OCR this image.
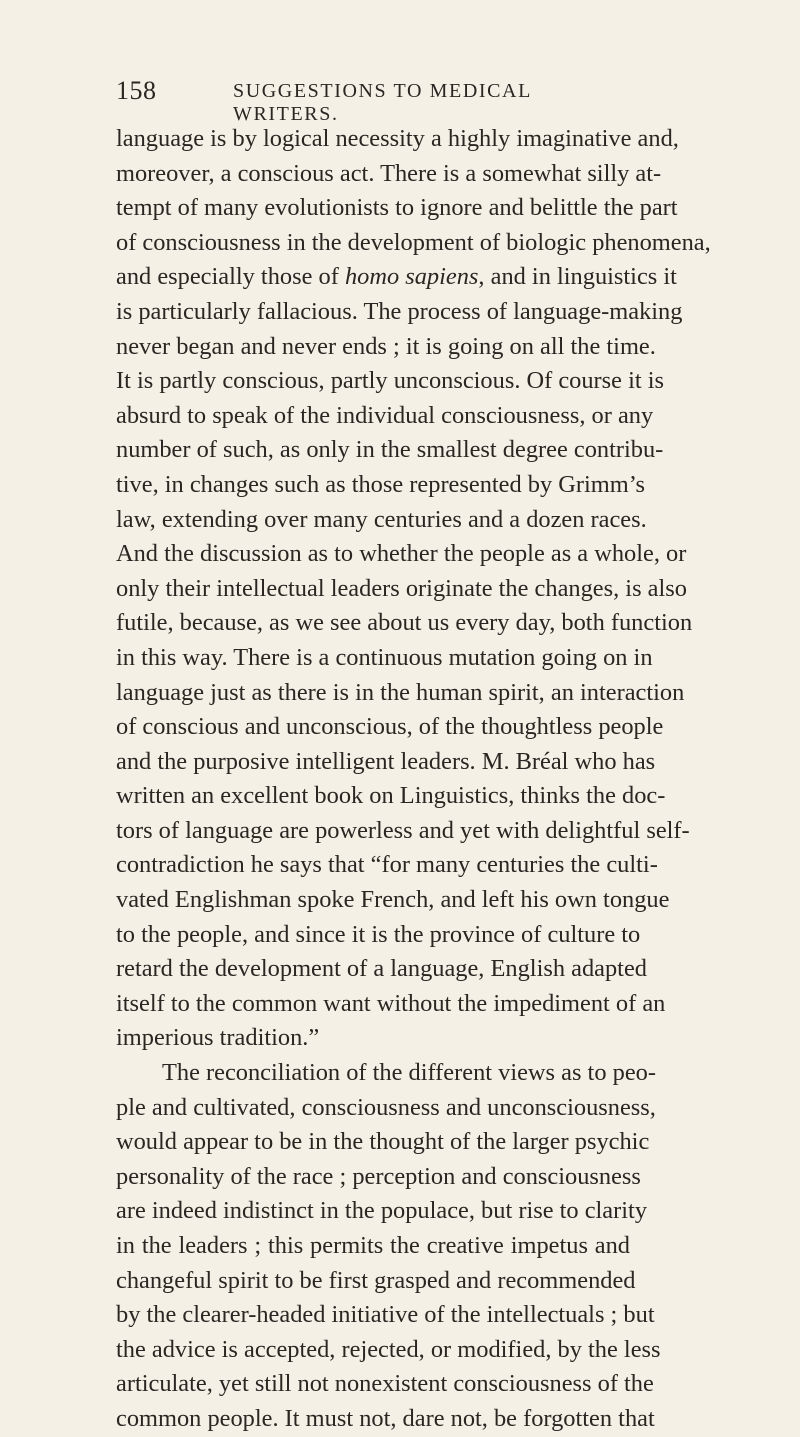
158	SUGGESTIONS TO MEDICAL WRITERS.
language is by logical necessity a highly imaginative and,
moreover, a conscious act. There is a somewhat silly at-
tempt of many evolutionists to ignore and belittle the part
of consciousness in the development of biologic phenomena,
and especially those of homo sapiens, and in linguistics it
is particularly fallacious. The process of language-making
never began and never ends ; it is going on all the time.
It is partly conscious, partly unconscious. Of course it is
absurd to speak of the individual consciousness, or any
number of such, as only in the smallest degree contribu-
tive, in changes such as those represented by Grimm’s
law, extending over many centuries and a dozen races.
And the discussion as to whether the people as a whole, or
only their intellectual leaders originate the changes, is also
futile, because, as we see about us every day, both function
in this way. There is a continuous mutation going on in
language just as there is in the human spirit, an interaction
of conscious and unconscious, of the thoughtless people
and the purposive intelligent leaders. M. Bréal who has
written an excellent book on Linguistics, thinks the doc-
tors of language are powerless and yet with delightful self-
contradiction he says that “for many centuries the culti-
vated Englishman spoke French, and left his own tongue
to the people, and since it is the province of culture to
retard the development of a language, English adapted
itself to the common want without the impediment of an
imperious tradition.”
The reconciliation of the different views as to peo-
ple and cultivated, consciousness and unconsciousness,
would appear to be in the thought of the larger psychic
personality of the race ; perception and consciousness
are indeed indistinct in the populace, but rise to clarity
in the leaders ; this permits the creative impetus and
changeful spirit to be first grasped and recommended
by the clearer-headed initiative of the intellectuals ; but
the advice is accepted, rejected, or modified, by the less
articulate, yet still not nonexistent consciousness of the
common people. It must not, dare not, be forgotten that
